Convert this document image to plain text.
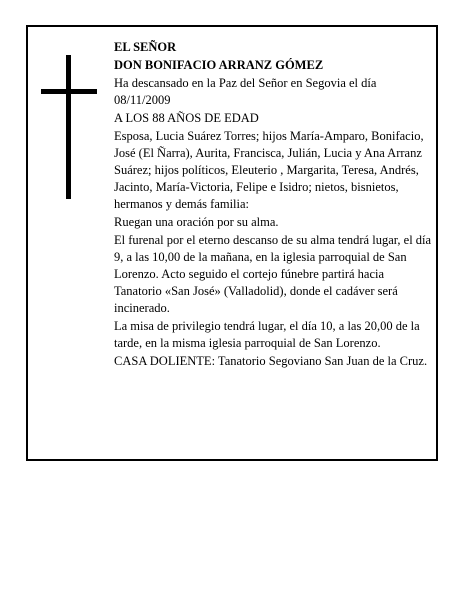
EL SEÑOR

DON BONIFACIO ARRANZ GÓMEZ

Ha descansado en la Paz del Señor en Segovia el día 08/11/2009

A LOS 88 AÑOS DE EDAD

Esposa, Lucia Suárez Torres; hijos María-Amparo, Bonifacio, José (El Ñarra), Aurita, Francisca, Julián, Lucia y Ana Arranz Suárez; hijos políticos, Eleuterio , Margarita, Teresa, Andrés, Jacinto, María-Victoria, Felipe e Isidro; nietos, bisnietos, hermanos y demás familia:

Ruegan una oración por su alma.

El furenal por el eterno descanso de su alma tendrá lugar, el día 9, a las 10,00 de la mañana, en la iglesia parroquial de San Lorenzo. Acto seguido el cortejo fúnebre partirá hacia Tanatorio «San José» (Valladolid), donde el cadáver será incinerado.

La misa de privilegio tendrá lugar, el día 10, a las 20,00 de la tarde, en la misma iglesia parroquial de San Lorenzo.

CASA DOLIENTE: Tanatorio Segoviano San Juan de la Cruz.
